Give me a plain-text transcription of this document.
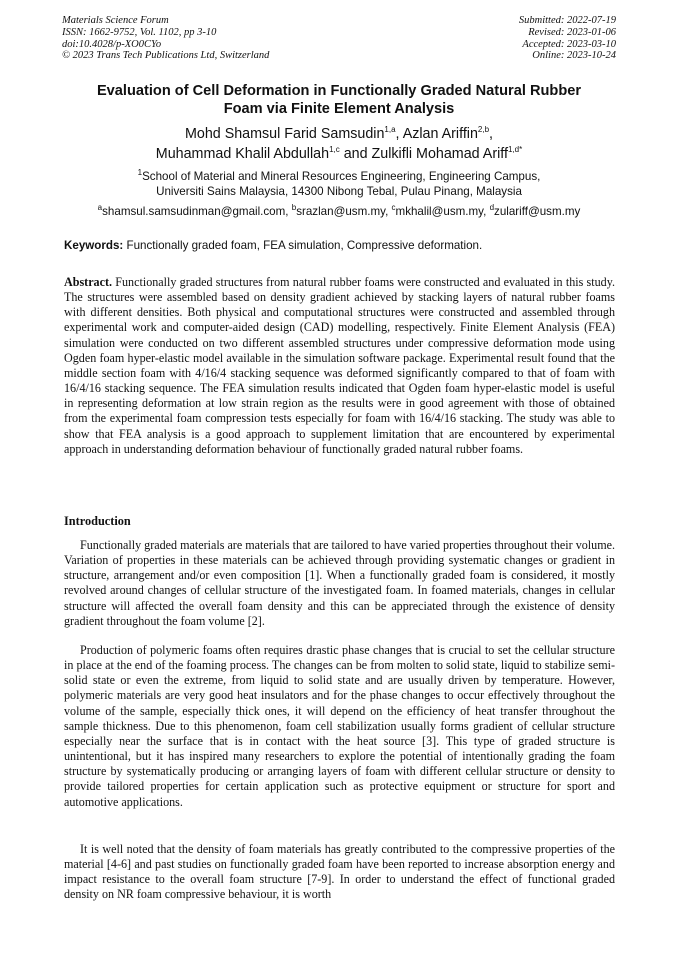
Materials Science Forum
ISSN: 1662-9752, Vol. 1102, pp 3-10
doi:10.4028/p-XO0CYo
© 2023 Trans Tech Publications Ltd, Switzerland
Submitted: 2022-07-19
Revised: 2023-01-06
Accepted: 2023-03-10
Online: 2023-10-24
Evaluation of Cell Deformation in Functionally Graded Natural Rubber
Foam via Finite Element Analysis
Mohd Shamsul Farid Samsudin$^{1,a}$, Azlan Ariffin$^{2,b}$,
Muhammad Khalil Abdullah$^{1,c}$ and Zulkifli Mohamad Ariff$^{1,d*}$
$^1$School of Material and Mineral Resources Engineering, Engineering Campus,
Universiti Sains Malaysia, 14300 Nibong Tebal, Pulau Pinang, Malaysia
$^a$shamsul.samsudinman@gmail.com, $^b$srazlan@usm.my, $^c$mkhalil@usm.my, $^d$zulariff@usm.my
Keywords: Functionally graded foam, FEA simulation, Compressive deformation.
Abstract. Functionally graded structures from natural rubber foams were constructed and evaluated in this study. The structures were assembled based on density gradient achieved by stacking layers of natural rubber foams with different densities. Both physical and computational structures were constructed and assembled through experimental work and computer-aided design (CAD) modelling, respectively. Finite Element Analysis (FEA) simulation were conducted on two different assembled structures under compressive deformation mode using Ogden foam hyper-elastic model available in the simulation software package. Experimental result found that the middle section foam with 4/16/4 stacking sequence was deformed significantly compared to that of foam with 16/4/16 stacking sequence. The FEA simulation results indicated that Ogden foam hyper-elastic model is useful in representing deformation at low strain region as the results were in good agreement with those of obtained from the experimental foam compression tests especially for foam with 16/4/16 stacking. The study was able to show that FEA analysis is a good approach to supplement limitation that are encountered by experimental approach in understanding deformation behaviour of functionally graded natural rubber foams.
Introduction
Functionally graded materials are materials that are tailored to have varied properties throughout their volume. Variation of properties in these materials can be achieved through providing systematic changes or gradient in structure, arrangement and/or even composition [1]. When a functionally graded foam is considered, it mostly revolved around changes of cellular structure of the investigated foam. In foamed materials, changes in cellular structure will affected the overall foam density and this can be appreciated through the existence of density gradient throughout the foam volume [2].
Production of polymeric foams often requires drastic phase changes that is crucial to set the cellular structure in place at the end of the foaming process. The changes can be from molten to solid state, liquid to stabilize semi-solid state or even the extreme, from liquid to solid state and are usually driven by temperature. However, polymeric materials are very good heat insulators and for the phase changes to occur effectively throughout the volume of the sample, especially thick ones, it will depend on the efficiency of heat transfer throughout the sample thickness. Due to this phenomenon, foam cell stabilization usually forms gradient of cellular structure especially near the surface that is in contact with the heat source [3]. This type of graded structure is unintentional, but it has inspired many researchers to explore the potential of intentionally grading the foam structure by systematically producing or arranging layers of foam with different cellular structure or density to provide tailored properties for certain application such as protective equipment or structure for sport and automotive applications.
It is well noted that the density of foam materials has greatly contributed to the compressive properties of the material [4-6] and past studies on functionally graded foam have been reported to increase absorption energy and impact resistance to the overall foam structure [7-9]. In order to understand the effect of functional graded density on NR foam compressive behaviour, it is worth
